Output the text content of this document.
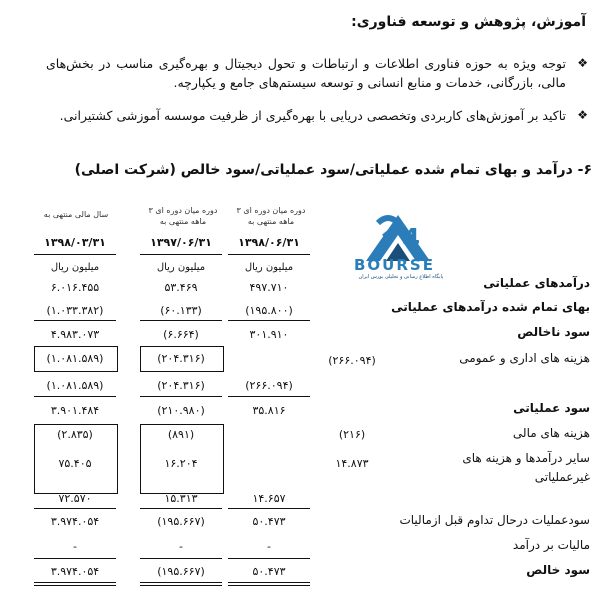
آموزش، پژوهش و توسعه فناوری:
❖
توجه ویژه به حوزه فناوری اطلاعات و ارتباطات و تحول دیجیتال و بهره‌گیری مناسب در بخش‌های مالی، بازرگانی، خدمات و منابع انسانی و توسعه سیستم‌های جامع و یکپارچه.
❖
تاکید بر آموزش‌های کاربردی وتخصصی دریایی با بهره‌گیری از ظرفیت موسسه آموزشی کشتیرانی.
۶- درآمد و بهای تمام شده عملیاتی/سود عملیاتی/سود خالص (شرکت اصلی)
دوره میان دوره ای ۳ ماهه منتهی به
دوره میان دوره ای ۳ ماهه منتهی به
سال مالی منتهی به
۱۳۹۸/۰۶/۳۱
۱۳۹۷/۰۶/۳۱
۱۳۹۸/۰۳/۳۱
میلیون ریال
میلیون ریال
میلیون ریال
4
BOURSE
پایگاه اطلاع رسانی و تحلیلی بورس ایران	درآمدهای عملیاتی
۴۹۷.۷۱۰
۵۳.۴۶۹
۶.۰۱۶.۴۵۵
بهای تمام شده درآمدهای عملیاتی
(۱۹۵.۸۰۰)
(۶۰.۱۳۳)
(۱.۰۳۳.۳۸۲)
سود ناخالص
۳۰۱.۹۱۰
(۶.۶۶۴)
۴.۹۸۳.۰۷۳
هزینه های اداری و عمومی
(۲۶۶.۰۹۴)
(۲۰۴.۳۱۶)
(۱.۰۸۱.۵۸۹)
(۲۶۶.۰۹۴)
(۲۰۴.۳۱۶)
(۱.۰۸۱.۵۸۹)
سود عملیاتی
۳۵.۸۱۶
(۲۱۰.۹۸۰)
۳.۹۰۱.۴۸۴
هزینه های مالی
(۲۱۶)
(۸۹۱)
(۲.۸۳۵)
سایر درآمدها و هزینه های غیرعملیاتی
۱۴.۸۷۳
۱۶.۲۰۴
۷۵.۴۰۵
۱۴.۶۵۷
۱۵.۳۱۳
۷۲.۵۷۰
سودعملیات درحال تداوم قبل ازمالیات
۵۰.۴۷۳
(۱۹۵.۶۶۷)
۳.۹۷۴.۰۵۴
مالیات بر درآمد
-
-
-
سود خالص
۵۰.۴۷۳
(۱۹۵.۶۶۷)
۳.۹۷۴.۰۵۴
